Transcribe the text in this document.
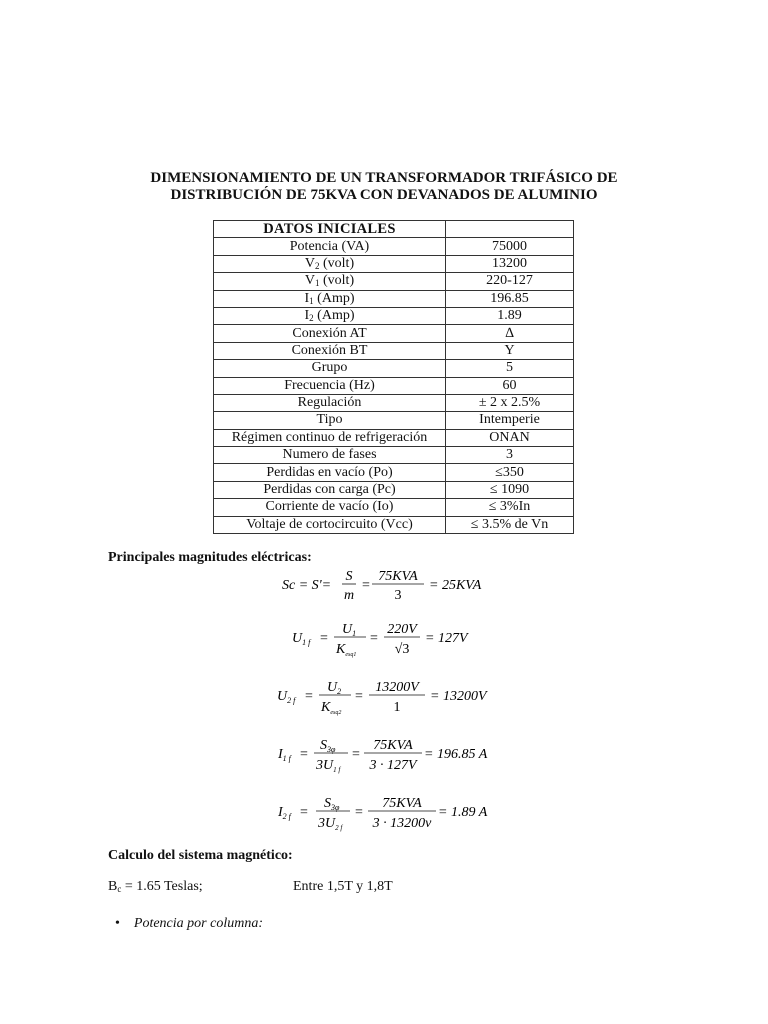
DIMENSIONAMIENTO DE UN TRANSFORMADOR TRIFÁSICO DE
DISTRIBUCIÓN DE 75KVA CON DEVANADOS DE ALUMINIO
DATOS INICIALES	
Potencia (VA)	75000
$V_2$ (volt)	13200
$V_1$ (volt)	220-127
$I_1$ (Amp)	196.85
$I_2$ (Amp)	1.89
Conexión AT	∆
Conexión BT	Y
Grupo	5
Frecuencia (Hz)	60
Regulación	± 2 x 2.5%
Tipo	Intemperie
Régimen continuo de refrigeración	ONAN
Numero de fases	3
Perdidas en vacío (Po)	≤350
Perdidas con carga (Pc)	≤ 1090
Corriente de vacío (Io)	≤ 3%In
Voltaje de cortocircuito (Vcc)	≤ 3.5% de Vn
Principales magnitudes eléctricas:
Sc = S'=
S
m
=
75KVA
3
= 25KVA
$U_{1 f}$ =
$U_1$
$K_{esq1}$
=
220V
√3
= 127V
$U_{2 f}$ =
$U_2$
$K_{esq2}$
=
13200V
1
= 13200V
$I_{1 f}$ =
$S_{3\varphi}$
$3U_{1 f}$
=
75KVA
3 · 127V
= 196.85 A
$I_{2 f}$ =
$S_{3\varphi}$
$3U_{2 f}$
=
75KVA
3 · 13200v
= 1.89 A
Calculo del sistema magnético:
$B_c = 1.65$ Teslas;	Entre 1,5T y 1,8T
• Potencia por columna:
